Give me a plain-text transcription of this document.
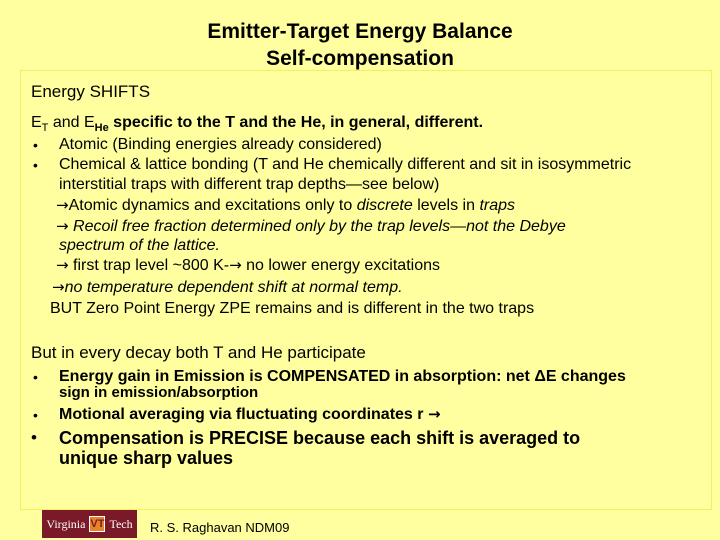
Emitter-Target Energy Balance
Self-compensation
Energy SHIFTS
$E_T$ and $E_{He}$ specific to the T and the He, in general, different.
• Atomic (Binding energies already considered)
• Chemical & lattice bonding (T and He chemically different and sit in isosymmetric
interstitial traps with different trap depths—see below)
→Atomic dynamics and excitations only to discrete levels in traps
→ Recoil free fraction determined only by the trap levels—not the Debye
spectrum of the lattice.
→ first trap level ~800 K-→ no lower energy excitations
→no temperature dependent shift at normal temp.
BUT Zero Point Energy ZPE remains and is different in the two traps
But in every decay both T and He participate
• Energy gain in Emission is COMPENSATED in absorption: net ΔE changes
sign in emission/absorption
• Motional averaging via fluctuating coordinates r →
• Compensation is PRECISE because each shift is averaged to
unique sharp values
Virginia VT Tech R. S. Raghavan NDM09
